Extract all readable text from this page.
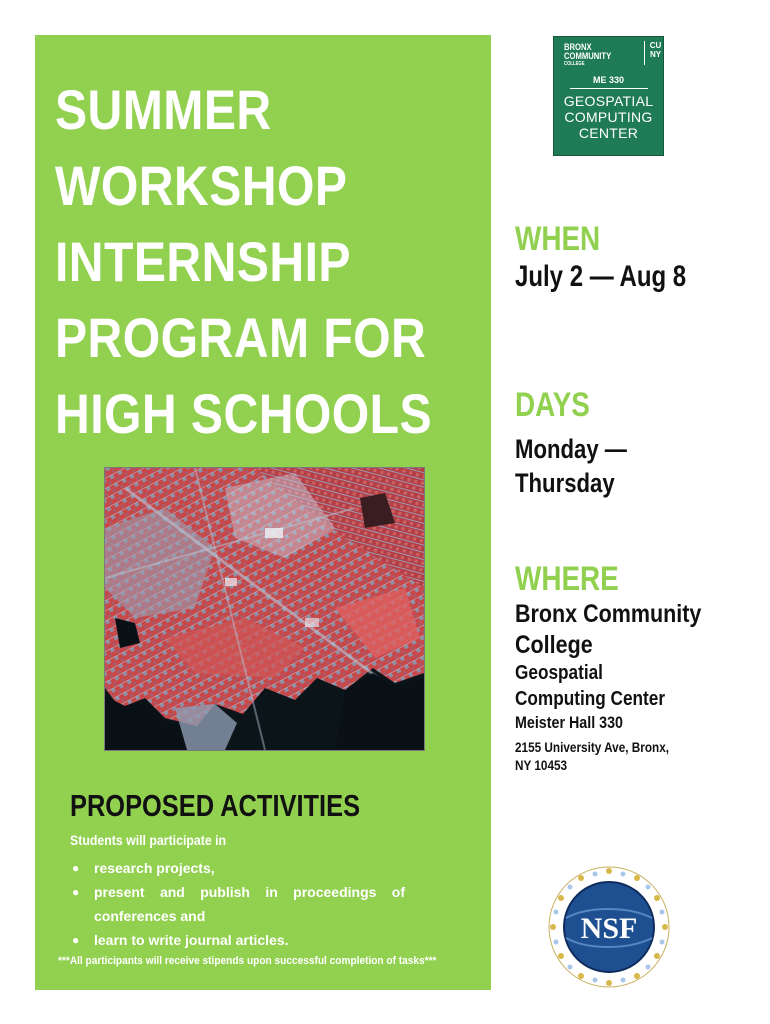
SUMMER
WORKSHOP
INTERNSHIP
PROGRAM FOR
HIGH SCHOOLS
PROPOSED ACTIVITIES
Students will participate in
● research projects,
● present and publish in proceedings of conferences and
● learn to write journal articles.
***All participants will receive stipends upon successful completion of tasks***
BRONX
COMMUNITY
COLLEGE
CU NY
ME 330
GEOSPATIAL
COMPUTING
CENTER
WHEN
July 2 — Aug 8
DAYS
Monday —
Thursday
WHERE
Bronx Community
College
Geospatial
Computing Center
Meister Hall 330
2155 University Ave, Bronx,
NY 10453
NSF
